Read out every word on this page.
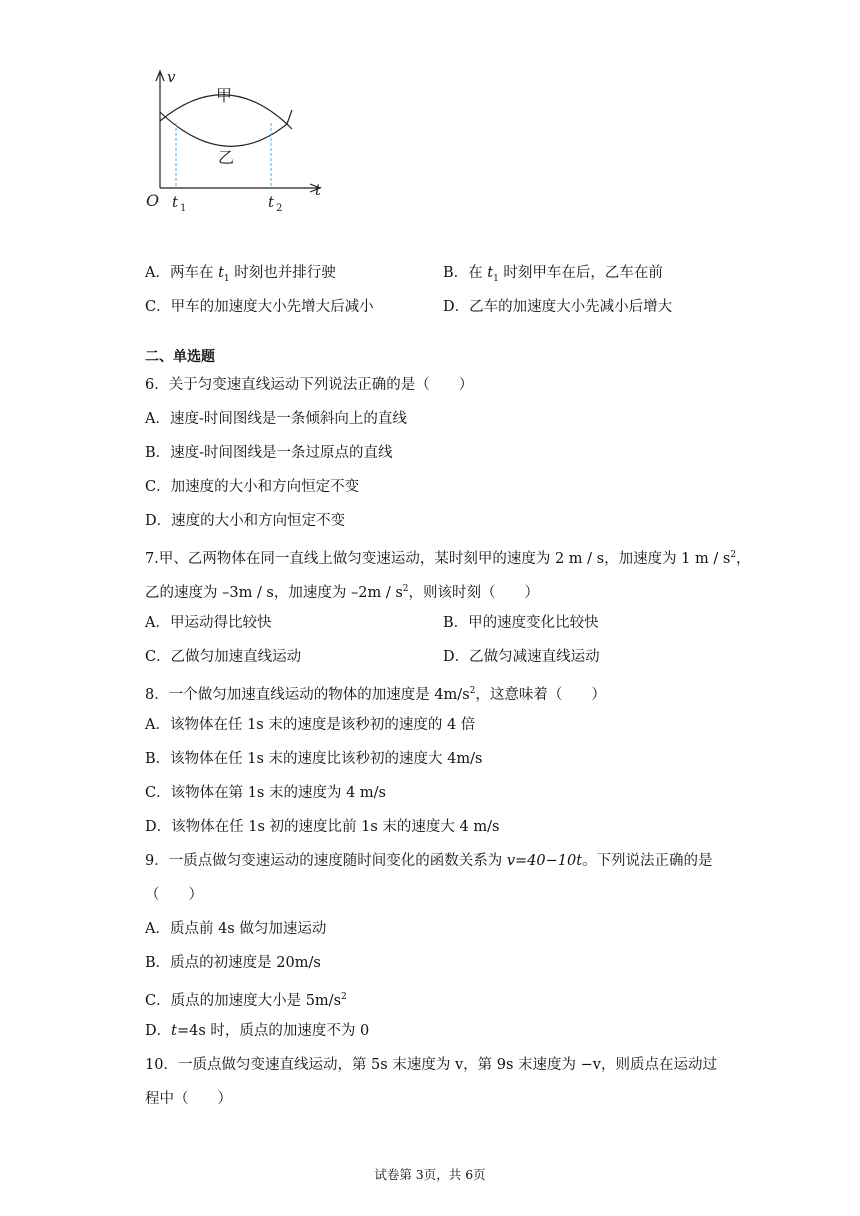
v
t
O t 1	t 2
甲
乙
A．两车在 $t_1$ 时刻也并排行驶	B．在 $t_1$ 时刻甲车在后，乙车在前
C．甲车的加速度大小先增大后减小	D．乙车的加速度大小先减小后增大
二、单选题
6．关于匀变速直线运动下列说法正确的是（　　）
A．速度-时间图线是一条倾斜向上的直线
B．速度-时间图线是一条过原点的直线
C．加速度的大小和方向恒定不变
D．速度的大小和方向恒定不变
7.甲、乙两物体在同一直线上做匀变速运动，某时刻甲的速度为 2 m / s，加速度为 1 m / $s^2$，
乙的速度为 –3m / s，加速度为 $-2m / s^2$，则该时刻（　　）
A．甲运动得比较快	B．甲的速度变化比较快
C．乙做匀加速直线运动	D．乙做匀减速直线运动
8．一个做匀加速直线运动的物体的加速度是 $4m/s^2$，这意味着（　　）
A．该物体在任 1s 末的速度是该秒初的速度的 4 倍
B．该物体在任 1s 末的速度比该秒初的速度大 4m/s
C．该物体在第 1s 末的速度为 4 m/s
D．该物体在任 1s 初的速度比前 1s 末的速度大 4 m/s
9．一质点做匀变速运动的速度随时间变化的函数关系为 v=40−10t。下列说法正确的是
（　　）
A．质点前 4s 做匀加速运动
B．质点的初速度是 20m/s
C．质点的加速度大小是 $5m/s^2$
D．t=4s 时，质点的加速度不为 0
10．一质点做匀变速直线运动，第 5s 末速度为 v，第 9s 末速度为 −v，则质点在运动过
程中（　　）
试卷第 3页，共 6页
